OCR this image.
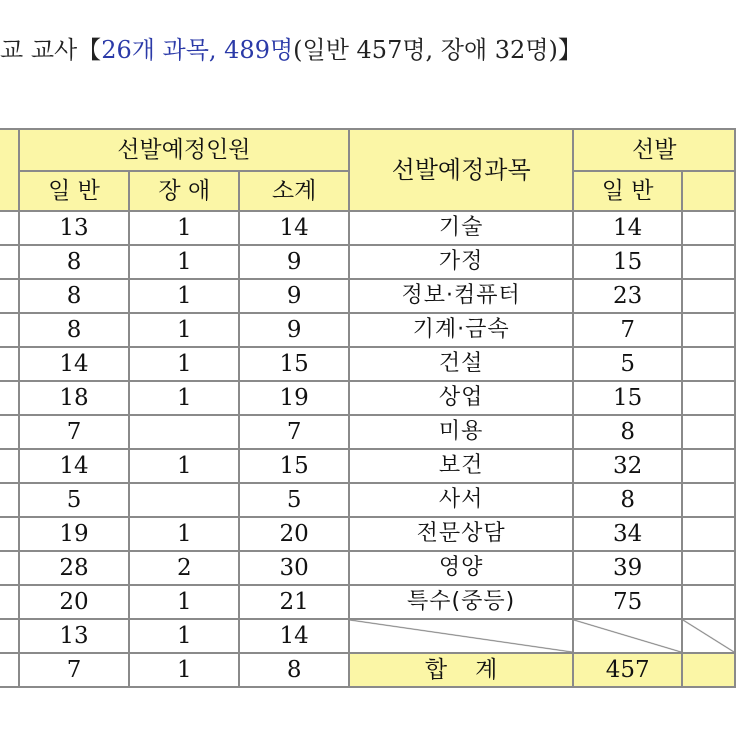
교 교사【26개 과목, 489명(일반 457명, 장애 32명)】
	선발예정인원			선발예정과목	선발	
	일 반	장 애	소계		일 반	
	13	1	14	기술	14	
	8	1	9	가정	15	
	8	1	9	정보·컴퓨터	23	
	8	1	9	기계·금속	7	
	14	1	15	건설	5	
	18	1	19	상업	15	
	7		7	미용	8	
	14	1	15	보건	32	
	5		5	사서	8	
	19	1	20	전문상담	34	
	28	2	30	영양	39	
	20	1	21	특수(중등)	75	
	13	1	14			
	7	1	8	합계	457	
